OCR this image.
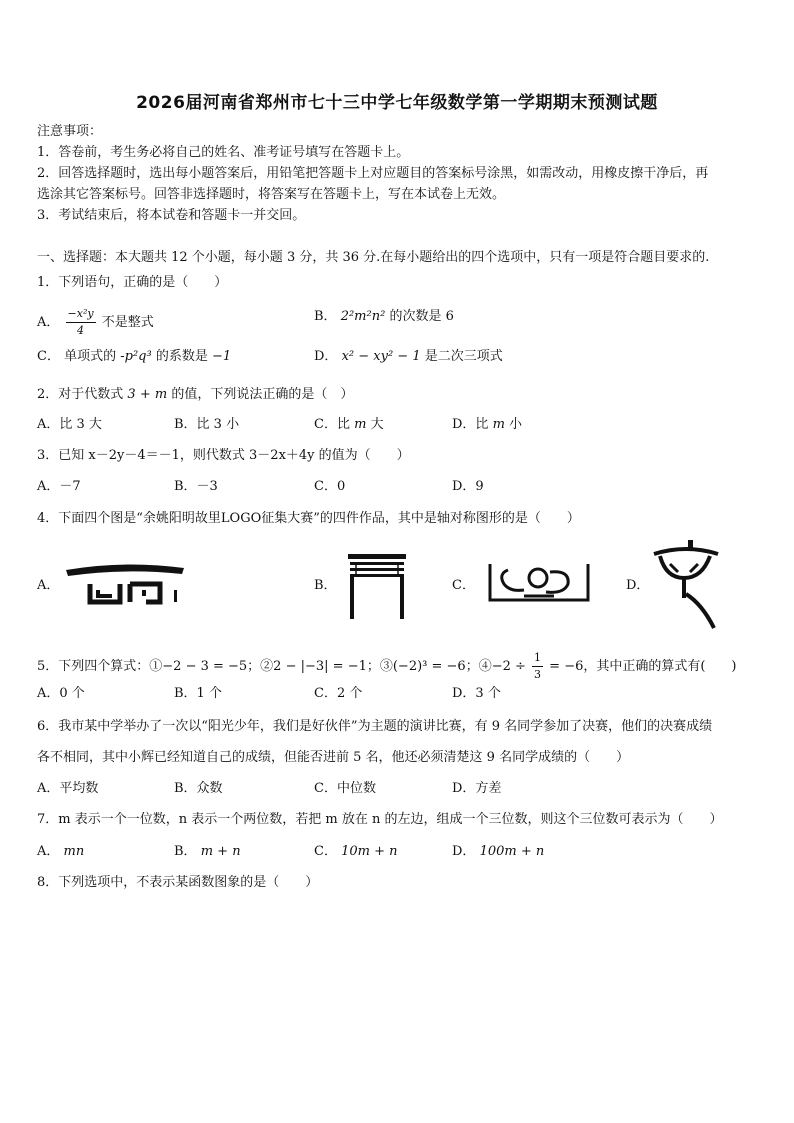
2026届河南省郑州市七十三中学七年级数学第一学期期末预测试题
注意事项：
1．答卷前，考生务必将自己的姓名、准考证号填写在答题卡上。
2．回答选择题时，选出每小题答案后，用铅笔把答题卡上对应题目的答案标号涂黑，如需改动，用橡皮擦干净后，再
选涂其它答案标号。回答非选择题时，将答案写在答题卡上，写在本试卷上无效。
3．考试结束后，将本试卷和答题卡一并交回。
一、选择题：本大题共 12 个小题，每小题 3 分，共 36 分.在每小题给出的四个选项中，只有一项是符合题目要求的.
1．下列语句，正确的是（　　）
A． $\frac{\text{−x²y}}{4}$ 不是整式	B． 2²m²n² 的次数是 6
C． 单项式的 -p²q³ 的系数是 −1	D． x² − xy² − 1 是二次三项式
2．对于代数式 3 + m 的值，下列说法正确的是（　）
A．比 3 大	B．比 3 小	C．比 m 大	D．比 m 小
3．已知 x－2y－4＝－1，则代数式 3－2x＋4y 的值为（　　）
A．－7	B．－3	C．0	D．9
4．下面四个图是“余姚阳明故里LOGO征集大赛”的四件作品，其中是轴对称图形的是（　　）
A．	B．	C．	D．
5．下列四个算式：①−2 − 3 = −5；②2 − |−3| = −1；③(−2)³ = −6；④−2 ÷ $\frac{1}{3} = -6$，其中正确的算式有(　　)
A．0 个	B．1 个	C．2 个	D．3 个
6．我市某中学举办了一次以“阳光少年，我们是好伙伴”为主题的演讲比赛，有 9 名同学参加了决赛，他们的决赛成绩
各不相同，其中小辉已经知道自己的成绩，但能否进前 5 名，他还必须清楚这 9 名同学成绩的（　　）
A．平均数	B．众数	C．中位数	D．方差
7．m 表示一个一位数，n 表示一个两位数，若把 m 放在 n 的左边，组成一个三位数，则这个三位数可表示为（　　）
A． mn	B． m + n	C． 10m + n	D． 100m + n
8．下列选项中，不表示某函数图象的是（　　）
